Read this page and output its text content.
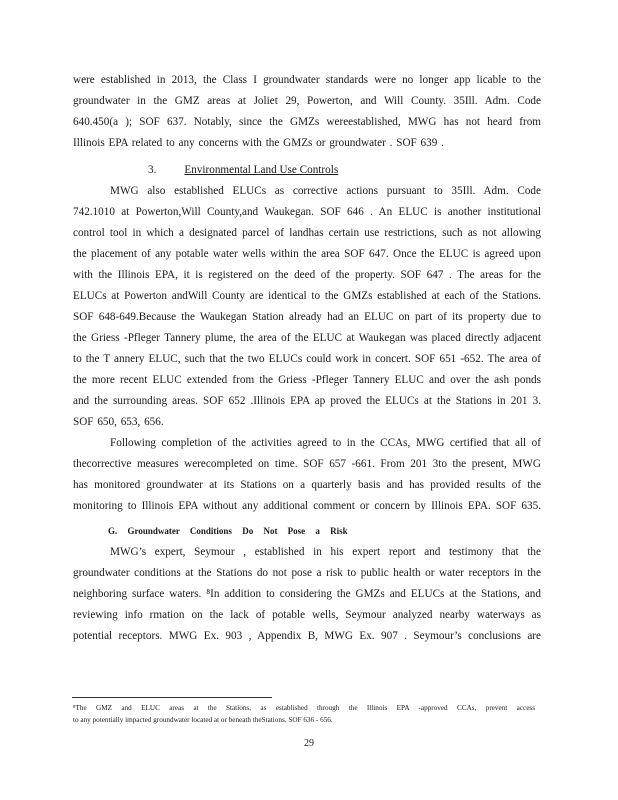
were established in 2013, the Class I groundwater standards were no longer app licable to the
groundwater in the GMZ areas at Joliet 29, Powerton, and Will County. 35Ill. Adm. Code
640.450(a ); SOF 637. Notably, since the GMZs wereestablished, MWG has not heard from
Illinois EPA related to any concerns with the GMZs or groundwater . SOF 639 .
3.	Environmental Land Use Controls
MWG also established ELUCs as corrective actions pursuant to 35Ill. Adm. Code
742.1010 at Powerton,Will County,and Waukegan. SOF 646 . An ELUC is another institutional
control tool in which a designated parcel of landhas certain use restrictions, such as not allowing
the placement of any potable water wells within the area SOF 647. Once the ELUC is agreed upon
with the Illinois EPA, it is registered on the deed of the property. SOF 647 . The areas for the
ELUCs at Powerton andWill County are identical to the GMZs established at each of the Stations.
SOF 648-649.Because the Waukegan Station already had an ELUC on part of its property due to
the Griess -Pfleger Tannery plume, the area of the ELUC at Waukegan was placed directly adjacent
to the T annery ELUC, such that the two ELUCs could work in concert. SOF 651 -652. The area of
the more recent ELUC extended from the Griess -Pfleger Tannery ELUC and over the ash ponds
and the surrounding areas. SOF 652 .Illinois EPA ap proved the ELUCs at the Stations in 201 3.
SOF 650, 653, 656.
Following completion of the activities agreed to in the CCAs, MWG certified that all of
thecorrective measures werecompleted on time. SOF 657 -661. From 201 3to the present, MWG
has monitored groundwater at its Stations on a quarterly basis and has provided results of the
monitoring to Illinois EPA without any additional comment or concern by Illinois EPA. SOF 635.
G. Groundwater Conditions Do Not Pose a Risk
MWG’s expert, Seymour , established in his expert report and testimony that the
groundwater conditions at the Stations do not pose a risk to public health or water receptors in the
neighboring surface waters. ⁸In addition to considering the GMZs and ELUCs at the Stations, and
reviewing info rmation on the lack of potable wells, Seymour analyzed nearby waterways as
potential receptors. MWG Ex. 903 , Appendix B, MWG Ex. 907 . Seymour’s conclusions are
⁸The GMZ and ELUC areas at the Stations, as established through the Illinois EPA -approved CCAs, prevent access
to any potentially impacted groundwater located at or beneath theStations. SOF 636 - 656.
29
